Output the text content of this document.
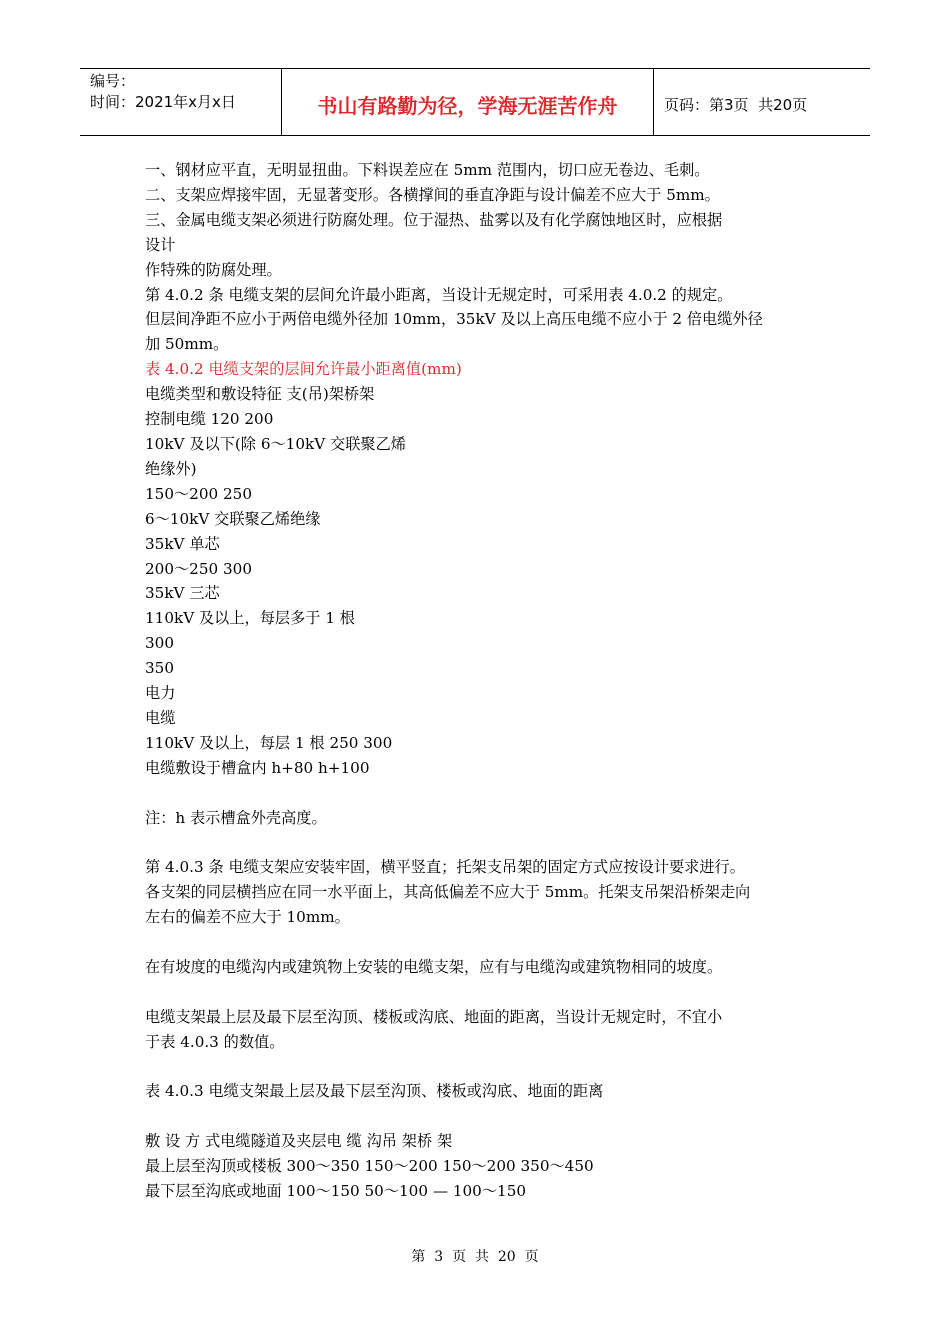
编号：
时间：2021年x月x日	书山有路勤为径，学海无涯苦作舟	页码：第3页  共20页

一、钢材应平直，无明显扭曲。下料误差应在 5mm 范围内，切口应无卷边、毛刺。

二、支架应焊接牢固，无显著变形。各横撑间的垂直净距与设计偏差不应大于 5mm。

三、金属电缆支架必须进行防腐处理。位于湿热、盐雾以及有化学腐蚀地区时，应根据

设计

作特殊的防腐处理。

第 4.0.2 条 电缆支架的层间允许最小距离，当设计无规定时，可采用表 4.0.2 的规定。

但层间净距不应小于两倍电缆外径加 10mm，35kV 及以上高压电缆不应小于 2 倍电缆外径

加 50mm。

表 4.0.2 电缆支架的层间允许最小距离值(mm)

电缆类型和敷设特征 支(吊)架桥架

控制电缆 120 200

10kV 及以下(除 6～10kV 交联聚乙烯

绝缘外)

150～200 250

6～10kV 交联聚乙烯绝缘

35kV 单芯

200～250 300

35kV 三芯

110kV 及以上，每层多于 1 根

300

350

电力

电缆

110kV 及以上，每层 1 根 250 300

电缆敷设于槽盒内 h+80 h+100

注：h 表示槽盒外壳高度。

第 4.0.3 条 电缆支架应安装牢固，横平竖直；托架支吊架的固定方式应按设计要求进行。

各支架的同层横挡应在同一水平面上，其高低偏差不应大于 5mm。托架支吊架沿桥架走向

左右的偏差不应大于 10mm。

在有坡度的电缆沟内或建筑物上安装的电缆支架，应有与电缆沟或建筑物相同的坡度。

电缆支架最上层及最下层至沟顶、楼板或沟底、地面的距离，当设计无规定时，不宜小

于表 4.0.3 的数值。

表 4.0.3 电缆支架最上层及最下层至沟顶、楼板或沟底、地面的距离

敷 设 方 式电缆隧道及夹层电 缆 沟吊 架桥 架

最上层至沟顶或楼板 300～350 150～200 150～200 350～450

最下层至沟底或地面 100～150 50～100 — 100～150

第  3  页  共  20  页
